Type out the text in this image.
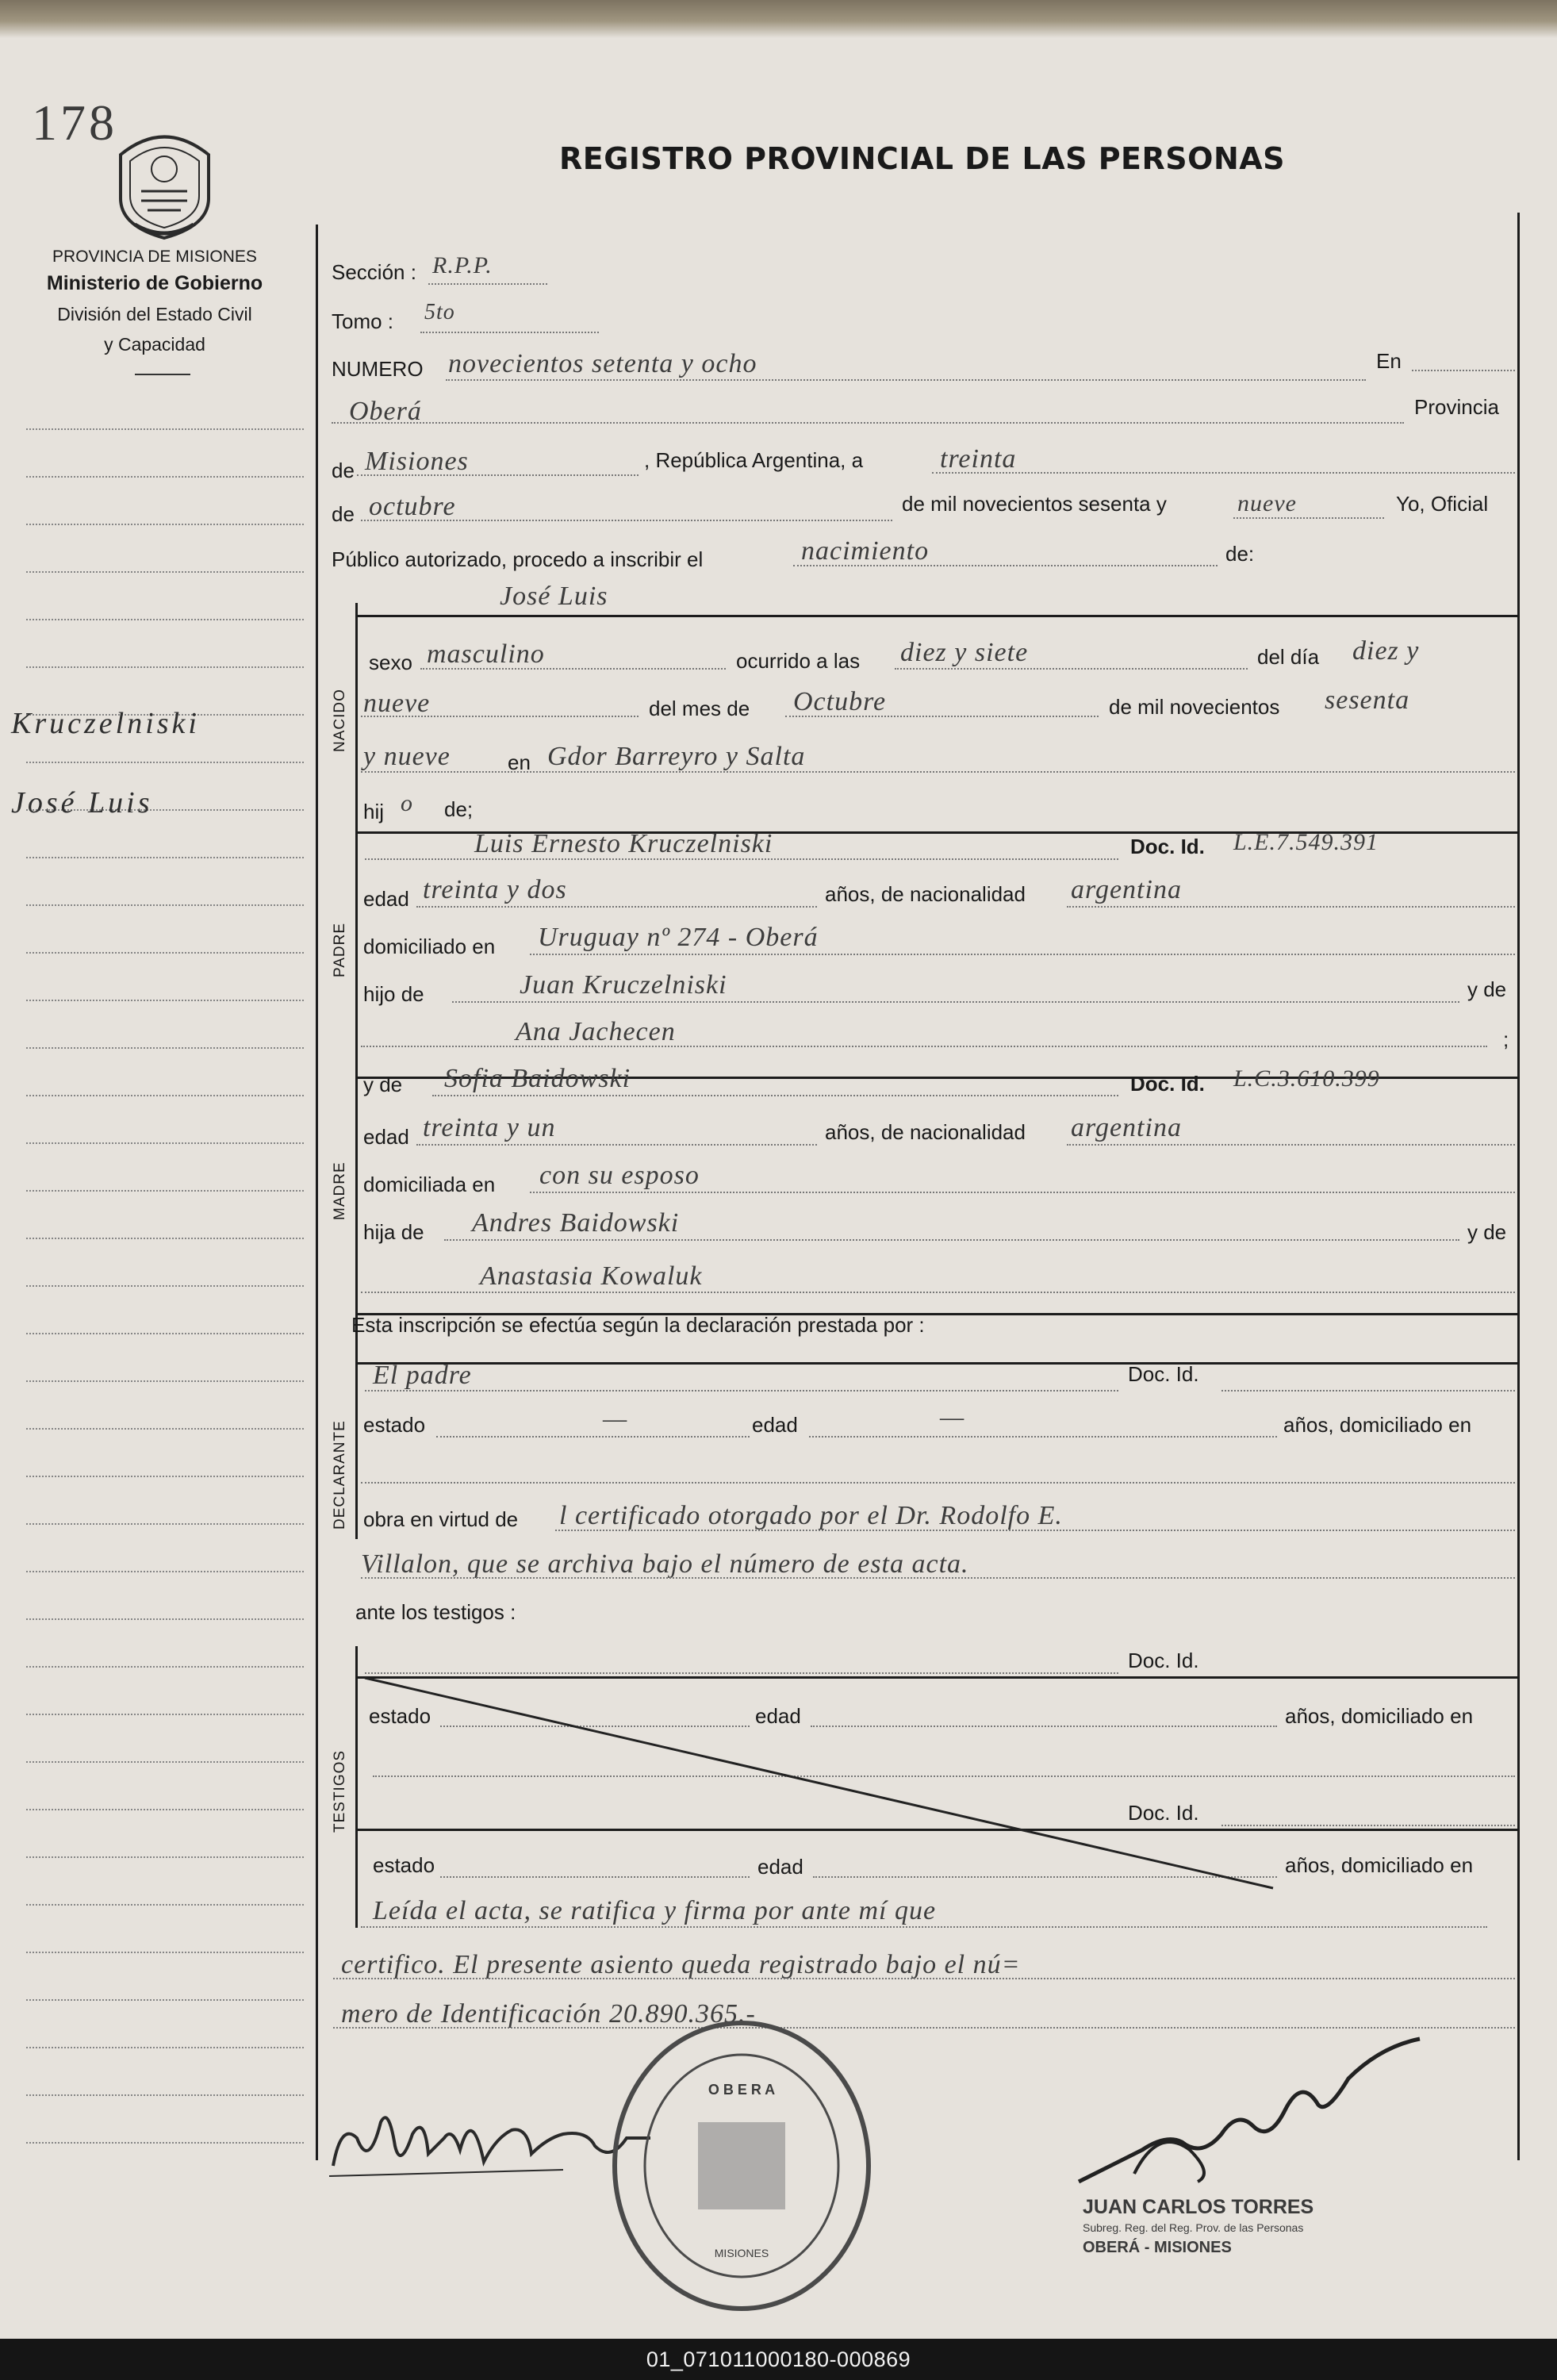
178
PROVINCIA DE MISIONES
Ministerio de Gobierno
División del Estado Civil
y Capacidad
REGISTRO PROVINCIAL DE LAS PERSONAS
Kruczelniski
José Luis
NACIDO
PADRE
MADRE
DECLARANTE
TESTIGOS
Sección : R.P.P.
Tomo : 5to
NUMERO novecientos setenta y ocho	En
Oberá	Provincia
de Misiones	, República Argentina, a	treinta
de octubre	de mil novecientos sesenta y	nueve	Yo, Oficial
Público autorizado, procedo a inscribir el	nacimiento	de:
José Luis
sexo masculino	ocurrido a las diez y siete	del día diez y
nueve	del mes de Octubre	de mil novecientos sesenta
y nueve	en Gdor Barreyro y Salta
hij o de;
Luis Ernesto Kruczelniski	Doc. Id. L.E.7.549.391
edad treinta y dos	años, de nacionalidad argentina
domiciliado en Uruguay nº 274 - Oberá
hijo de	Juan Kruczelniski	y de
Ana Jachecen	;
y de Sofia Baidowski	Doc. Id. L.C.3.610.399
edad treinta y un	años, de nacionalidad argentina
domiciliada en con su esposo
hija de Andres Baidowski	y de
Anastasia Kowaluk
Esta inscripción se efectúa según la declaración prestada por :
El padre	Doc. Id.
estado	—	edad	—	años, domiciliado en
obra en virtud de l certificado otorgado por el Dr. Rodolfo E.
Villalon, que se archiva bajo el número de esta acta.
ante los testigos :
Doc. Id.
estado	edad	años, domiciliado en
Doc. Id.
estado	edad	años, domiciliado en
Leída el acta, se ratifica y firma por ante mí que
certifico. El presente asiento queda registrado bajo el nú=
mero de Identificación 20.890.365.-
O B E R A
MISIONES
JUAN CARLOS TORRES
Subreg. Reg. del Reg. Prov. de las Personas
OBERÁ - MISIONES
01_071011000180-000869
